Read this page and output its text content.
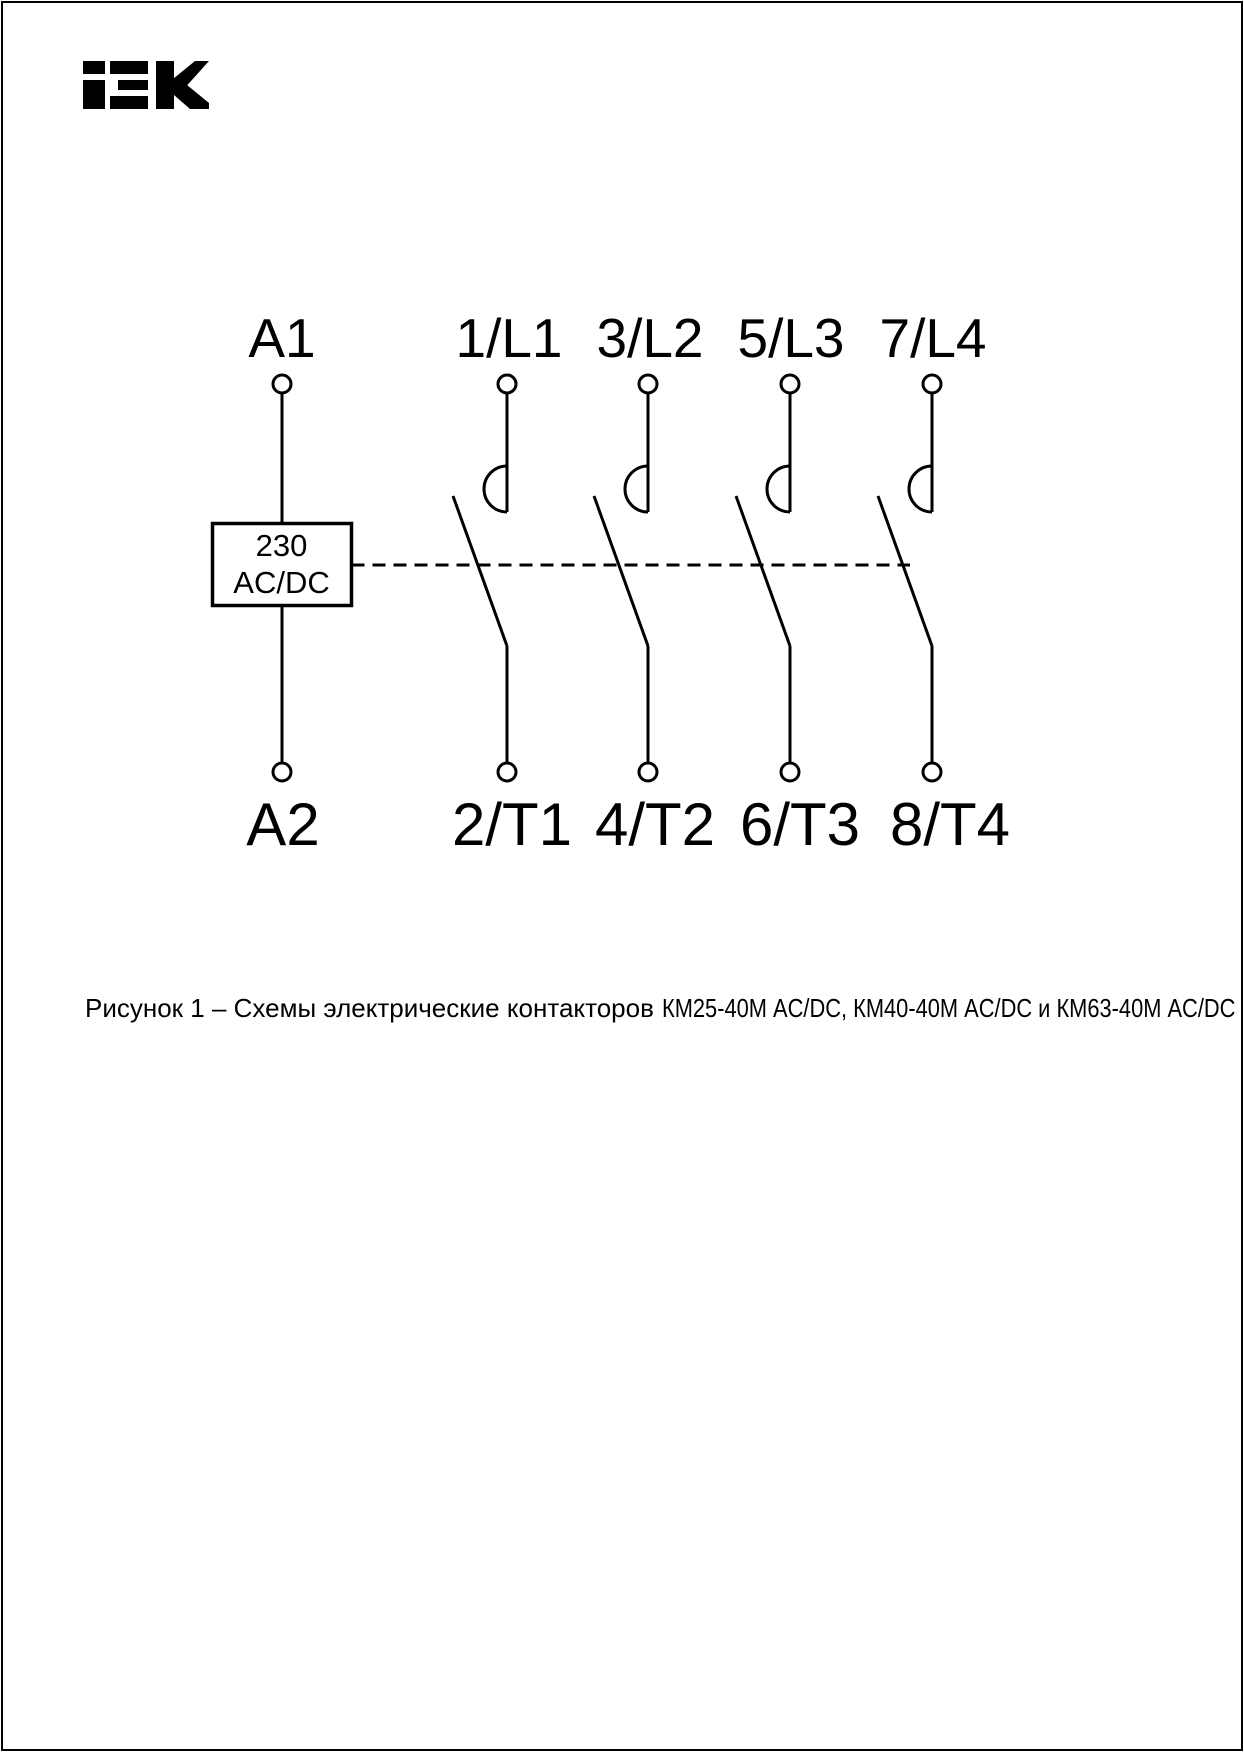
A1	1/L1 3/L2 5/L3 7/L4
A2 2/T1 4/T2 6/T3 8/T4
230
AC/DC
Рисунок 1 – Схемы электрические контакторов КМ25-40М AC/DC, КМ40-40М AC/DC и КМ63-40М AC/DC
